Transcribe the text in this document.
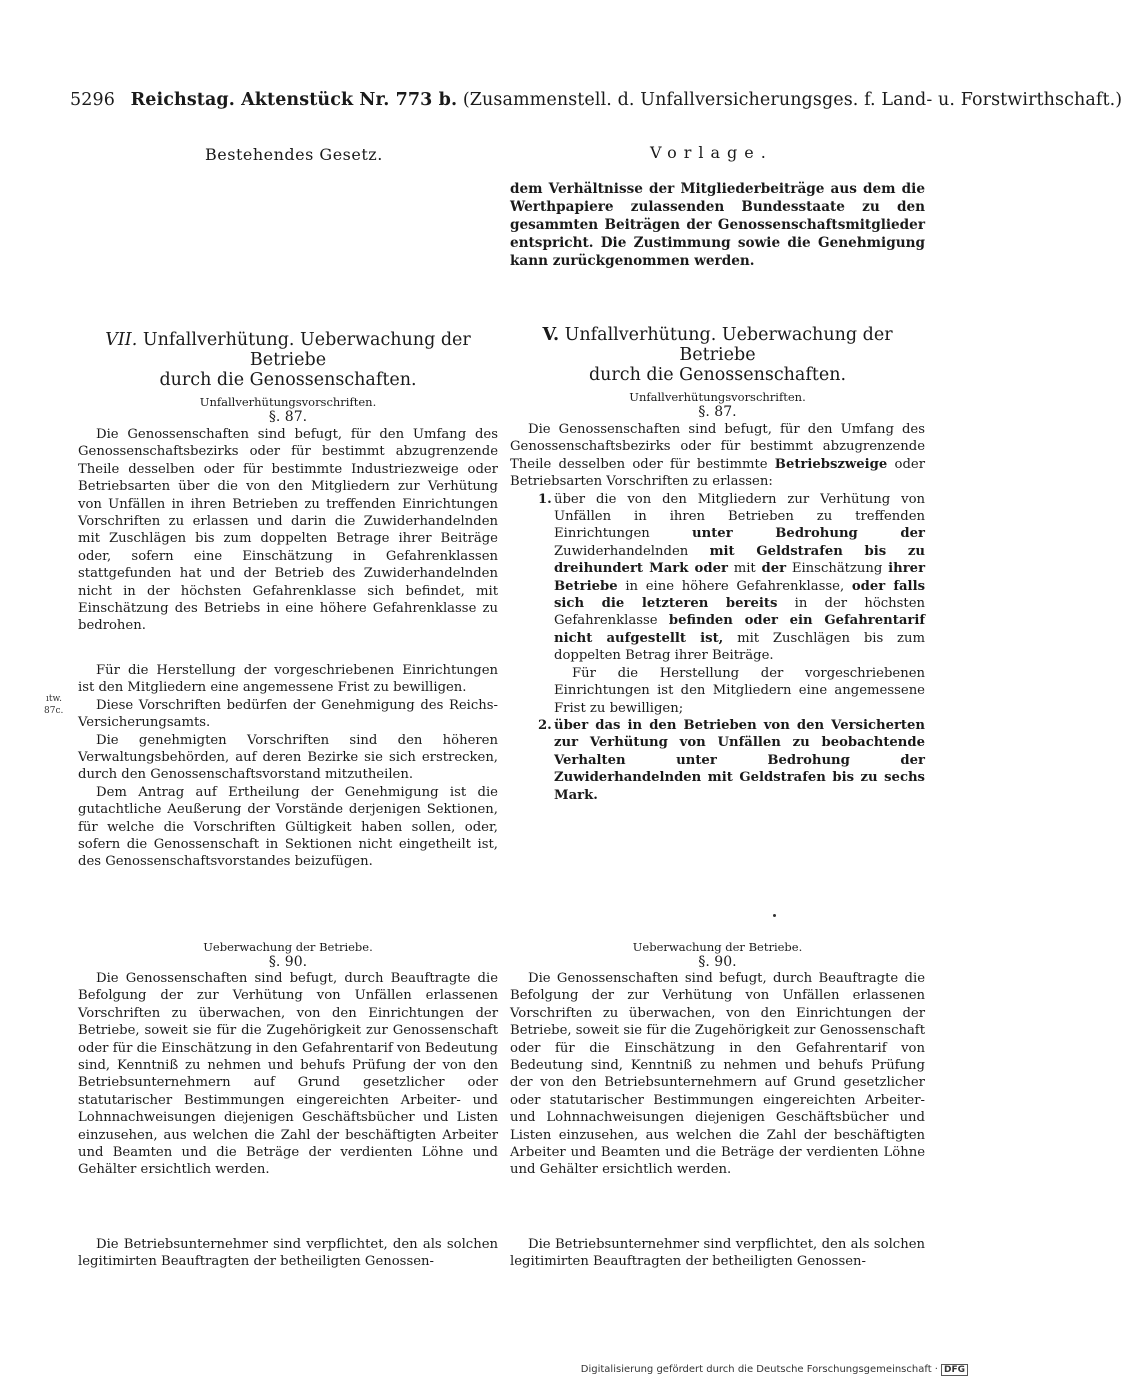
5296 Reichstag. Aktenstück Nr. 773 b. (Zusammenstell. d. Unfallversicherungsges. f. Land- u. Forstwirthschaft.)
Bestehendes Gesetz.	Vorlage.

dem Verhältnisse der Mitgliederbeiträge aus dem die Werthpapiere zulassenden Bundesstaate zu den gesammten Beiträgen der Genossenschaftsmitglieder entspricht. Die Zustimmung sowie die Genehmigung kann zurückgenommen werden.

VII. Unfallverhütung. Ueberwachung der Betriebe
durch die Genossenschaften.
Unfallverhütungsvorschriften.
§. 87.

Die Genossenschaften sind befugt, für den Umfang des Genossenschaftsbezirks oder für bestimmt abzugrenzende Theile desselben oder für bestimmte Industriezweige oder Betriebsarten über die von den Mitgliedern zur Verhütung von Unfällen in ihren Betrieben zu treffenden Einrichtungen Vorschriften zu erlassen und darin die Zuwiderhandelnden mit Zuschlägen bis zum doppelten Betrage ihrer Beiträge oder, sofern eine Einschätzung in Gefahrenklassen stattgefunden hat und der Betrieb des Zuwiderhandelnden nicht in der höchsten Gefahrenklasse sich befindet, mit Einschätzung des Betriebs in eine höhere Gefahrenklasse zu bedrohen.

Für die Herstellung der vorgeschriebenen Einrichtungen ist den Mitgliedern eine angemessene Frist zu bewilligen.

Diese Vorschriften bedürfen der Genehmigung des Reichs-Versicherungsamts.

Die genehmigten Vorschriften sind den höheren Verwaltungsbehörden, auf deren Bezirke sie sich erstrecken, durch den Genossenschaftsvorstand mitzutheilen.

Dem Antrag auf Ertheilung der Genehmigung ist die gutachtliche Aeußerung der Vorstände derjenigen Sektionen, für welche die Vorschriften Gültigkeit haben sollen, oder, sofern die Genossenschaft in Sektionen nicht eingetheilt ist, des Genossenschaftsvorstandes beizufügen.

ıtw.
87c.
V. Unfallverhütung. Ueberwachung der Betriebe
durch die Genossenschaften.
Unfallverhütungsvorschriften.
§. 87.

Die Genossenschaften sind befugt, für den Umfang des Genossenschaftsbezirks oder für bestimmt abzugrenzende Theile desselben oder für bestimmte Betriebszweige oder Betriebsarten Vorschriften zu erlassen:

1. über die von den Mitgliedern zur Verhütung von Unfällen in ihren Betrieben zu treffenden Einrichtungen unter Bedrohung der Zuwiderhandelnden mit Geldstrafen bis zu dreihundert Mark oder mit der Einschätzung ihrer Betriebe in eine höhere Gefahrenklasse, oder falls sich die letzteren bereits in der höchsten Gefahrenklasse befinden oder ein Gefahrentarif nicht aufgestellt ist, mit Zuschlägen bis zum doppelten Betrag ihrer Beiträge.

Für die Herstellung der vorgeschriebenen Einrichtungen ist den Mitgliedern eine angemessene Frist zu bewilligen;

2. über das in den Betrieben von den Versicherten zur Verhütung von Unfällen zu beobachtende Verhalten unter Bedrohung der Zuwiderhandelnden mit Geldstrafen bis zu sechs Mark.

Ueberwachung der Betriebe.
§. 90.

Die Genossenschaften sind befugt, durch Beauftragte die Befolgung der zur Verhütung von Unfällen erlassenen Vorschriften zu überwachen, von den Einrichtungen der Betriebe, soweit sie für die Zugehörigkeit zur Genossenschaft oder für die Einschätzung in den Gefahrentarif von Bedeutung sind, Kenntniß zu nehmen und behufs Prüfung der von den Betriebsunternehmern auf Grund gesetzlicher oder statutarischer Bestimmungen eingereichten Arbeiter- und Lohnnachweisungen diejenigen Geschäftsbücher und Listen einzusehen, aus welchen die Zahl der beschäftigten Arbeiter und Beamten und die Beträge der verdienten Löhne und Gehälter ersichtlich werden.

Die Betriebsunternehmer sind verpflichtet, den als solchen legitimirten Beauftragten der betheiligten Genossen-

Ueberwachung der Betriebe.
§. 90.

Die Genossenschaften sind befugt, durch Beauftragte die Befolgung der zur Verhütung von Unfällen erlassenen Vorschriften zu überwachen, von den Einrichtungen der Betriebe, soweit sie für die Zugehörigkeit zur Genossenschaft oder für die Einschätzung in den Gefahrentarif von Bedeutung sind, Kenntniß zu nehmen und behufs Prüfung der von den Betriebsunternehmern auf Grund gesetzlicher oder statutarischer Bestimmungen eingereichten Arbeiter- und Lohnnachweisungen diejenigen Geschäftsbücher und Listen einzusehen, aus welchen die Zahl der beschäftigten Arbeiter und Beamten und die Beträge der verdienten Löhne und Gehälter ersichtlich werden.

Die Betriebsunternehmer sind verpflichtet, den als solchen legitimirten Beauftragten der betheiligten Genossen-

Digitalisierung gefördert durch die Deutsche Forschungsgemeinschaft · DFG
